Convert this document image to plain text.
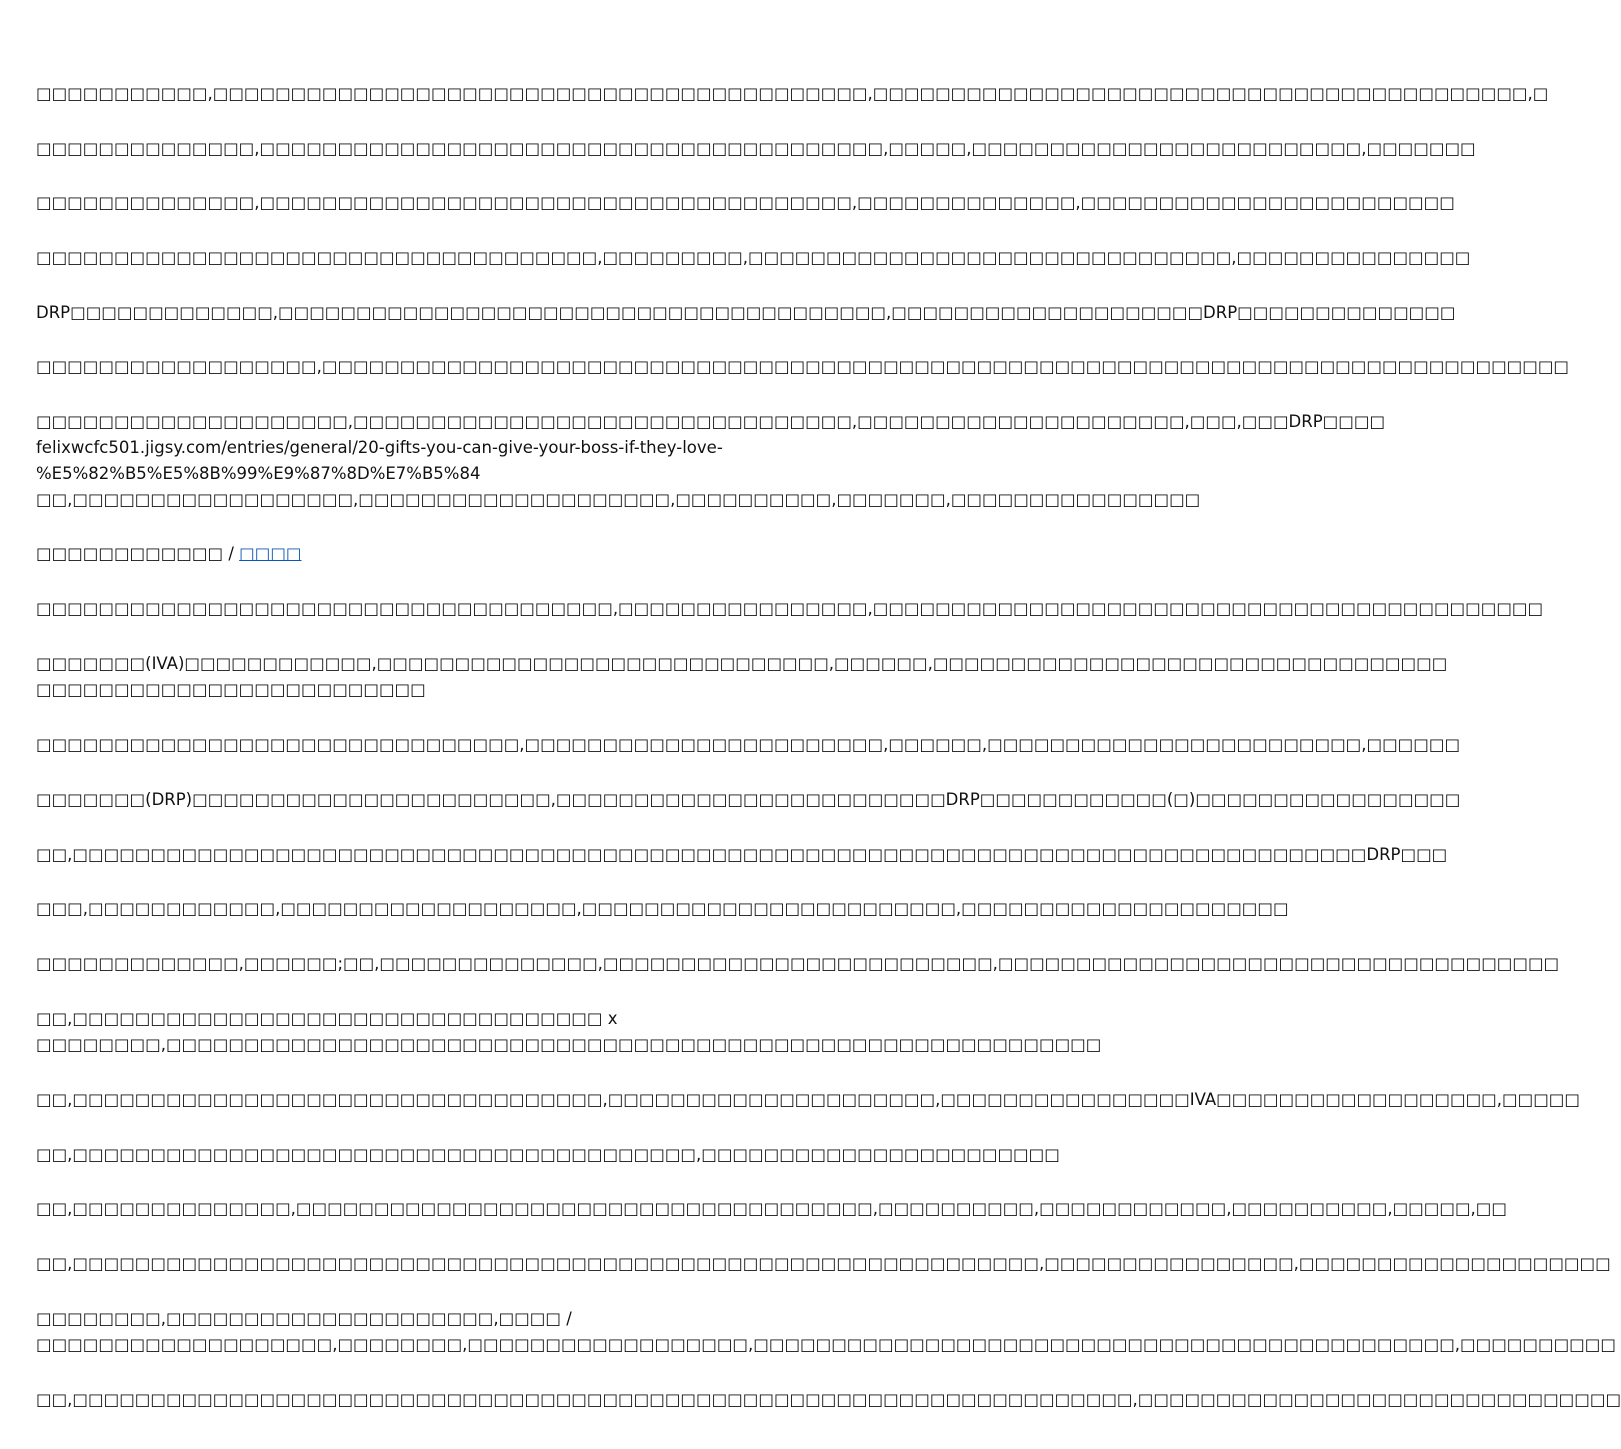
□□□□□□□□□□□,□□□□□□□□□□□□□□□□□□□□□□□□□□□□□□□□□□□□□□□□□□,□□□□□□□□□□□□□□□□□□□□□□□□□□□□□□□□□□□□□□□□□□,□

□□□□□□□□□□□□□□,□□□□□□□□□□□□□□□□□□□□□□□□□□□□□□□□□□□□□□□□,□□□□□,□□□□□□□□□□□□□□□□□□□□□□□□□,□□□□□□□

□□□□□□□□□□□□□□,□□□□□□□□□□□□□□□□□□□□□□□□□□□□□□□□□□□□□□,□□□□□□□□□□□□□□,□□□□□□□□□□□□□□□□□□□□□□□□

□□□□□□□□□□□□□□□□□□□□□□□□□□□□□□□□□□□□,□□□□□□□□□,□□□□□□□□□□□□□□□□□□□□□□□□□□□□□□□,□□□□□□□□□□□□□□□

DRP□□□□□□□□□□□□□,□□□□□□□□□□□□□□□□□□□□□□□□□□□□□□□□□□□□□□□,□□□□□□□□□□□□□□□□□□□□DRP□□□□□□□□□□□□□□

□□□□□□□□□□□□□□□□□□,□□□□□□□□□□□□□□□□□□□□□□□□□□□□□□□□□□□□□□□□□□□□□□□□□□□□□□□□□□□□□□□□□□□□□□□□□□□□□□□□

□□□□□□□□□□□□□□□□□□□□,□□□□□□□□□□□□□□□□□□□□□□□□□□□□□□□□,□□□□□□□□□□□□□□□□□□□□□,□□□,□□□DRP□□□□
felixwcfc501.jigsy.com/entries/general/20-gifts-you-can-give-your-boss-if-they-love-
%E5%82%B5%E5%8B%99%E9%87%8D%E7%B5%84
□□,□□□□□□□□□□□□□□□□□□,□□□□□□□□□□□□□□□□□□□□,□□□□□□□□□□,□□□□□□□,□□□□□□□□□□□□□□□□

□□□□□□□□□□□□ / □□□□

□□□□□□□□□□□□□□□□□□□□□□□□□□□□□□□□□□□□□,□□□□□□□□□□□□□□□□,□□□□□□□□□□□□□□□□□□□□□□□□□□□□□□□□□□□□□□□□□□□

□□□□□□□(IVA)□□□□□□□□□□□□,□□□□□□□□□□□□□□□□□□□□□□□□□□□□□,□□□□□□,□□□□□□□□□□□□□□□□□□□□□□□□□□□□□□□□□
□□□□□□□□□□□□□□□□□□□□□□□□□

□□□□□□□□□□□□□□□□□□□□□□□□□□□□□□□,□□□□□□□□□□□□□□□□□□□□□□□,□□□□□□,□□□□□□□□□□□□□□□□□□□□□□□□,□□□□□□

□□□□□□□(DRP)□□□□□□□□□□□□□□□□□□□□□□□,□□□□□□□□□□□□□□□□□□□□□□□□□DRP□□□□□□□□□□□□(□)□□□□□□□□□□□□□□□□□

□□,□□□□□□□□□□□□□□□□□□□□□□□□□□□□□□□□□□□□□□□□□□□□□□□□□□□□□□□□□□□□□□□□□□□□□□□□□□□□□□□□□□□DRP□□□

□□□,□□□□□□□□□□□□,□□□□□□□□□□□□□□□□□□□,□□□□□□□□□□□□□□□□□□□□□□□□,□□□□□□□□□□□□□□□□□□□□□

□□□□□□□□□□□□□,□□□□□□;□□,□□□□□□□□□□□□□□,□□□□□□□□□□□□□□□□□□□□□□□□□,□□□□□□□□□□□□□□□□□□□□□□□□□□□□□□□□□□□□

□□,□□□□□□□□□□□□□□□□□□□□□□□□□□□□□□□□□□ x
□□□□□□□□,□□□□□□□□□□□□□□□□□□□□□□□□□□□□□□□□□□□□□□□□□□□□□□□□□□□□□□□□□□□□

□□,□□□□□□□□□□□□□□□□□□□□□□□□□□□□□□□□□□,□□□□□□□□□□□□□□□□□□□□□,□□□□□□□□□□□□□□□□IVA□□□□□□□□□□□□□□□□□□,□□□□□

□□,□□□□□□□□□□□□□□□□□□□□□□□□□□□□□□□□□□□□□□□□,□□□□□□□□□□□□□□□□□□□□□□□

□□,□□□□□□□□□□□□□□,□□□□□□□□□□□□□□□□□□□□□□□□□□□□□□□□□□□□□,□□□□□□□□□□,□□□□□□□□□□□□,□□□□□□□□□□,□□□□□,□□

□□,□□□□□□□□□□□□□□□□□□□□□□□□□□□□□□□□□□□□□□□□□□□□□□□□□□□□□□□□□□□□□□,□□□□□□□□□□□□□□□□,□□□□□□□□□□□□□□□□□□□□

□□□□□□□□,□□□□□□□□□□□□□□□□□□□□□,□□□□ /
□□□□□□□□□□□□□□□□□□□,□□□□□□□□,□□□□□□□□□□□□□□□□□□,□□□□□□□□□□□□□□□□□□□□□□□□□□□□□□□□□□□□□□□□□□□□□,□□□□□□□□□□

□□,□□□□□□□□□□□□□□□□□□□□□□□□□□□□□□□□□□□□□□□□□□□□□□□□□□□□□□□□□□□□□□□□□□□□,□□□□□□□□□□□□□□□□□□□□□□□□□□□□□□□
